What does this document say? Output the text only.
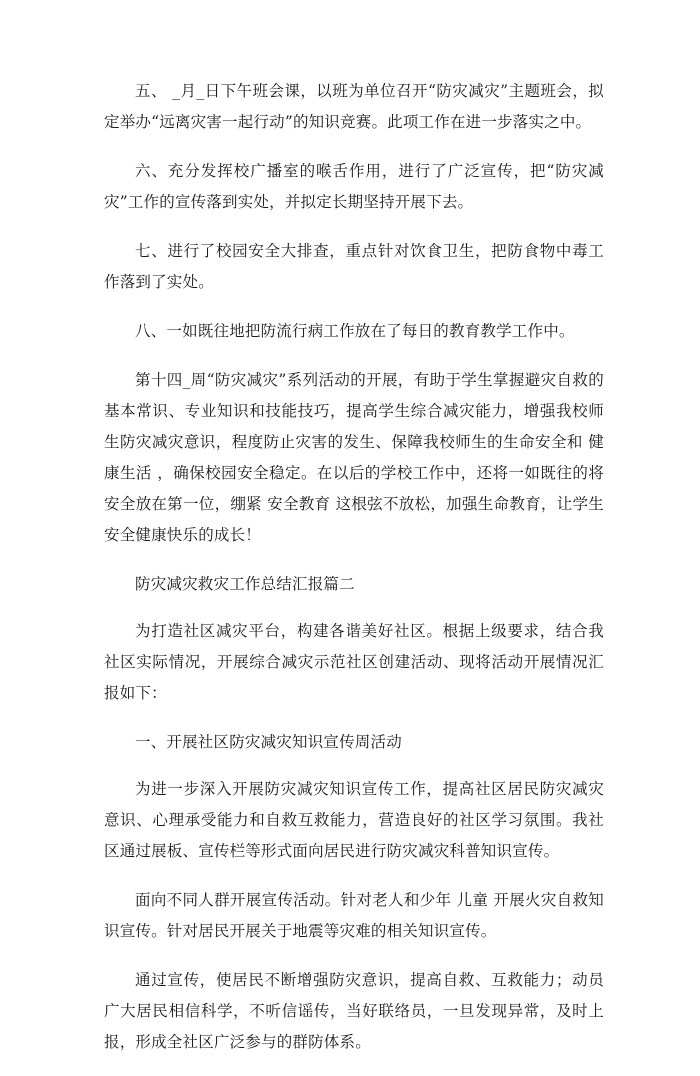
五、 _月_日下午班会课，以班为单位召开“防灾减灾”主题班会，拟定举办“远离灾害一起行动”的知识竞赛。此项工作在进一步落实之中。

六、充分发挥校广播室的喉舌作用，进行了广泛宣传，把“防灾减灾”工作的宣传落到实处，并拟定长期坚持开展下去。

七、进行了校园安全大排查，重点针对饮食卫生，把防食物中毒工作落到了实处。

八、一如既往地把防流行病工作放在了每日的教育教学工作中。

第十四_周“防灾减灾”系列活动的开展，有助于学生掌握避灾自救的基本常识、专业知识和技能技巧，提高学生综合减灾能力，增强我校师生防灾减灾意识，程度防止灾害的发生、保障我校师生的生命安全和 健康生活 ，确保校园安全稳定。在以后的学校工作中，还将一如既往的将安全放在第一位，绷紧 安全教育 这根弦不放松，加强生命教育，让学生安全健康快乐的成长！

防灾减灾救灾工作总结汇报篇二

为打造社区减灾平台，构建各谐美好社区。根据上级要求，结合我社区实际情况，开展综合减灾示范社区创建活动、现将活动开展情况汇报如下：

一、开展社区防灾减灾知识宣传周活动

为进一步深入开展防灾减灾知识宣传工作，提高社区居民防灾减灾意识、心理承受能力和自救互救能力，营造良好的社区学习氛围。我社区通过展板、宣传栏等形式面向居民进行防灾减灾科普知识宣传。

面向不同人群开展宣传活动。针对老人和少年 儿童 开展火灾自救知识宣传。针对居民开展关于地震等灾难的相关知识宣传。

通过宣传，使居民不断增强防灾意识，提高自救、互救能力；动员广大居民相信科学，不听信谣传，当好联络员，一旦发现异常，及时上报，形成全社区广泛参与的群防体系。
